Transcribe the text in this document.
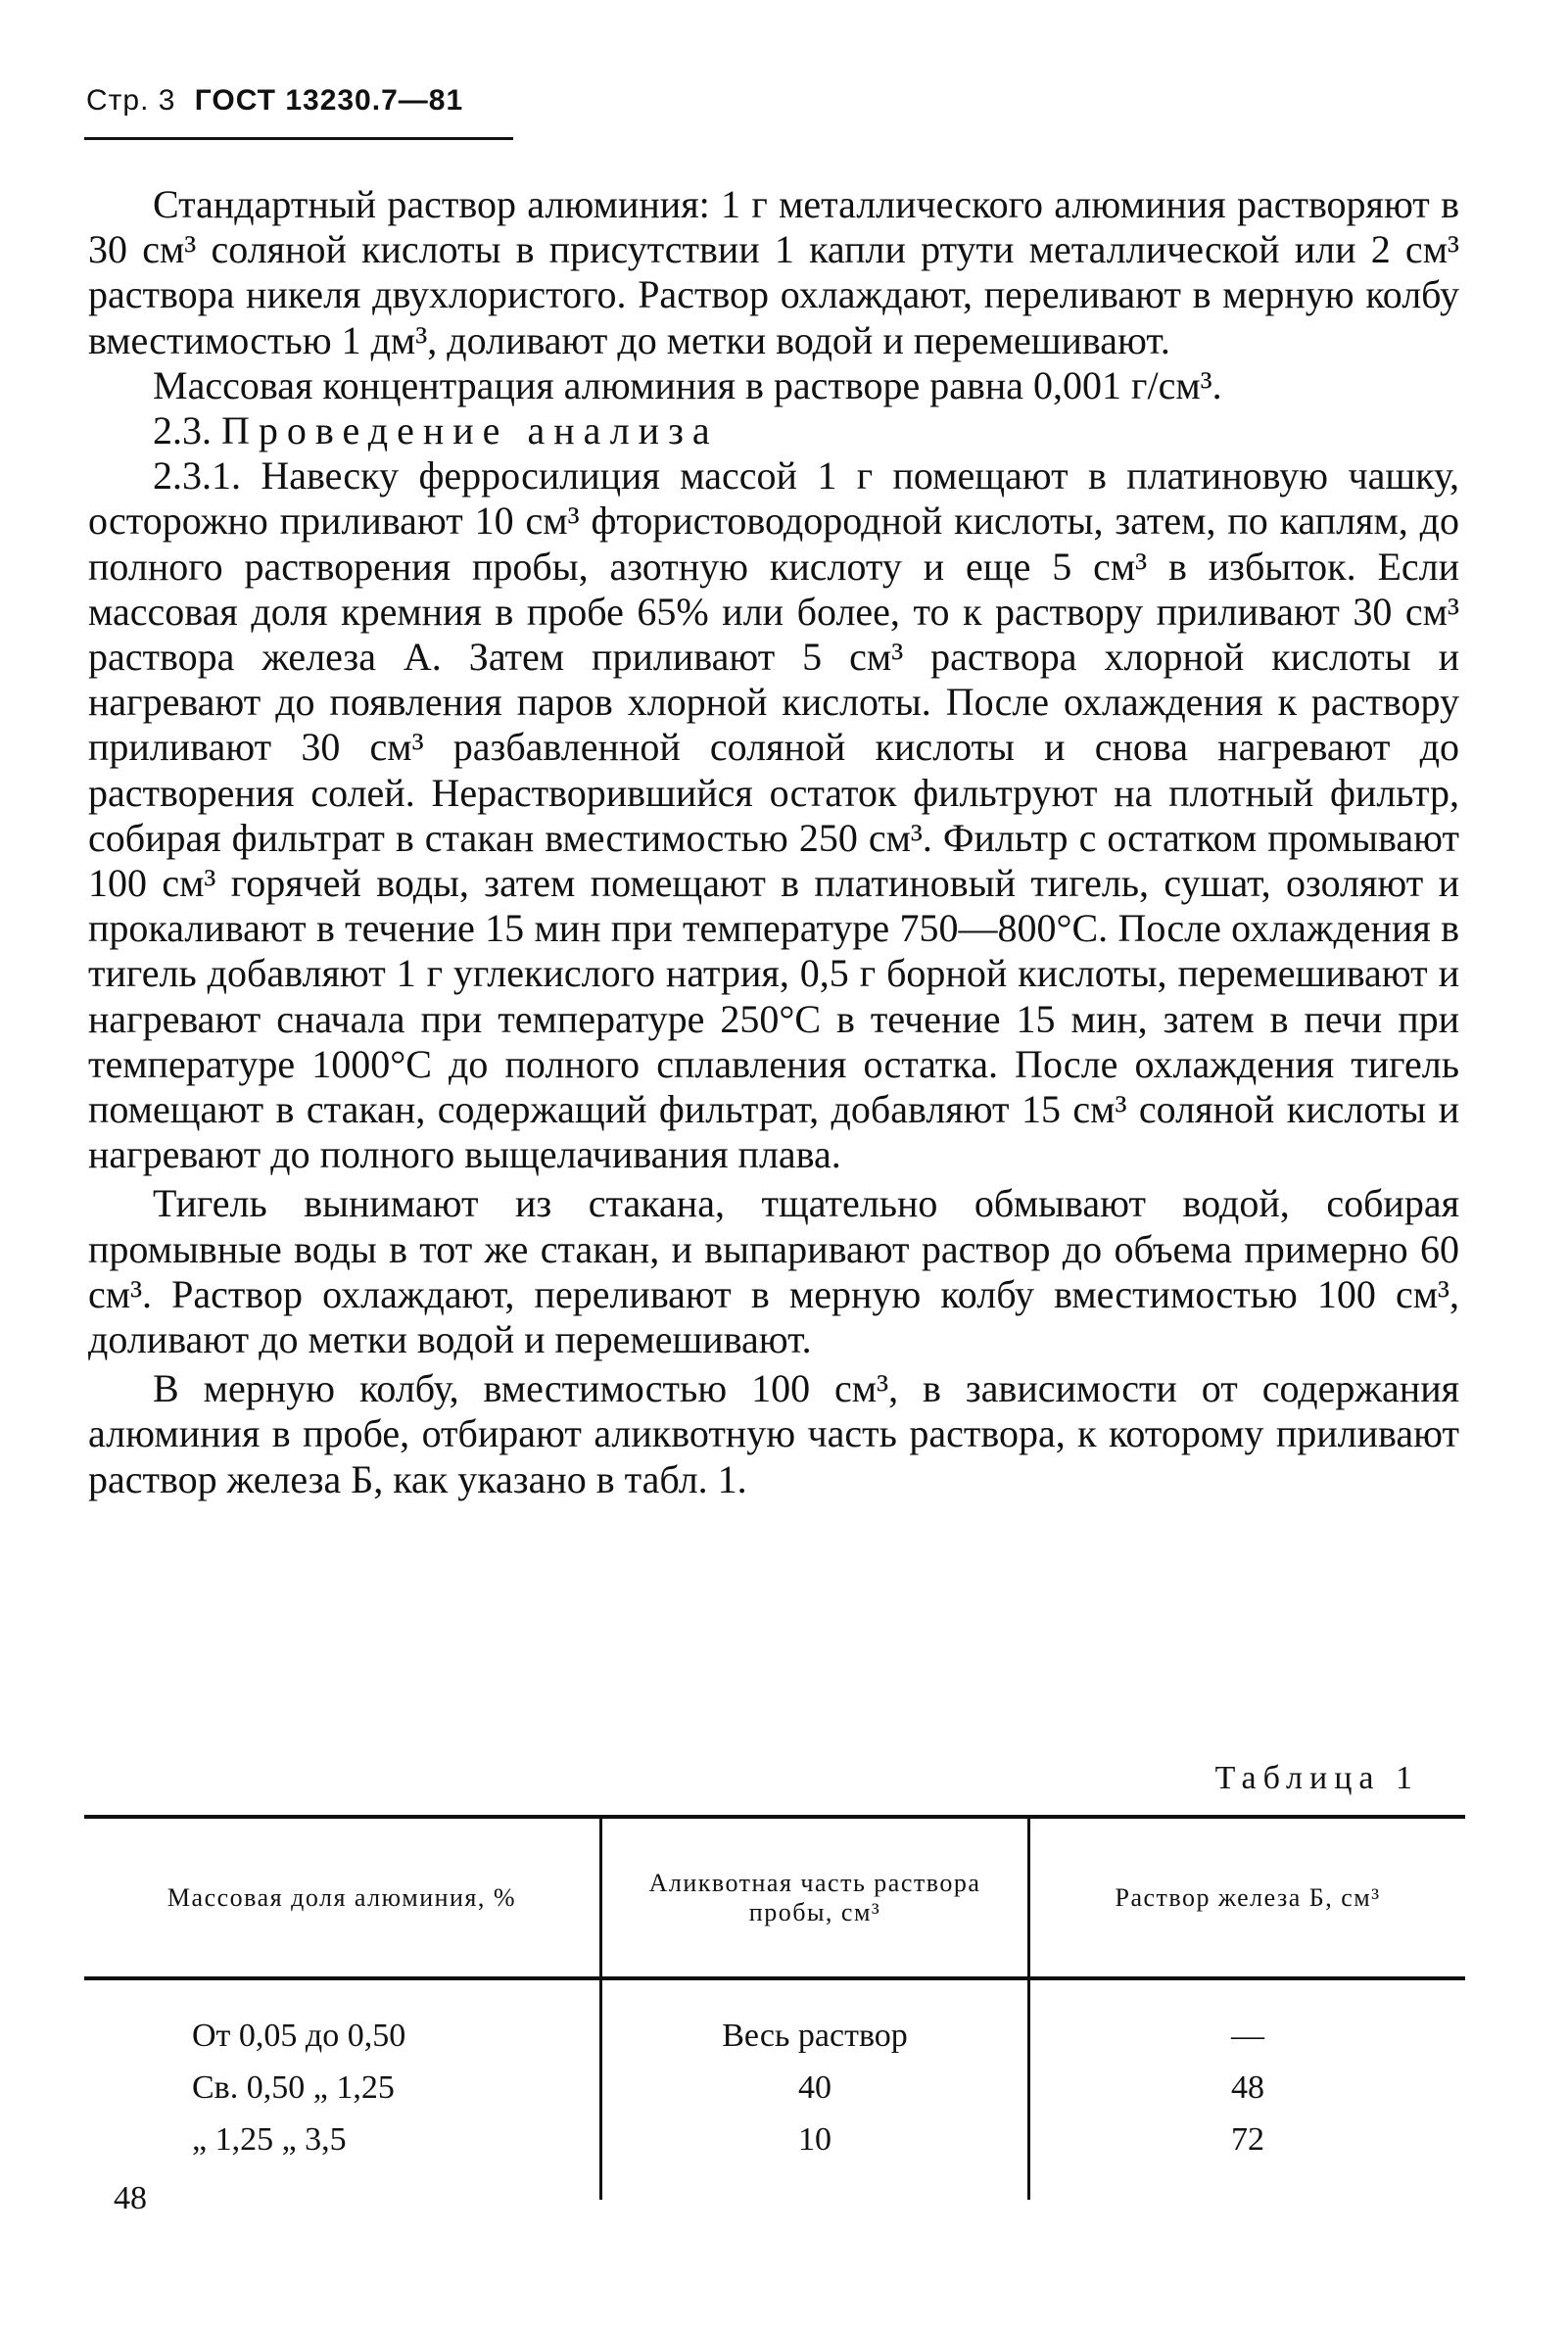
Стр. 3 ГОСТ 13230.7—81

Стандартный раствор алюминия: 1 г металлического алюминия растворяют в 30 см³ соляной кислоты в присутствии 1 капли ртути металлической или 2 см³ раствора никеля двухлористого. Раствор охлаждают, переливают в мерную колбу вместимостью 1 дм³, доливают до метки водой и перемешивают.

Массовая концентрация алюминия в растворе равна 0,001 г/см³.

2.3. Проведение анализа

2.3.1. Навеску ферросилиция массой 1 г помещают в платиновую чашку, осторожно приливают 10 см³ фтористоводородной кислоты, затем, по каплям, до полного растворения пробы, азотную кислоту и еще 5 см³ в избыток. Если массовая доля кремния в пробе 65% или более, то к раствору приливают 30 см³ раствора железа А. Затем приливают 5 см³ раствора хлорной кислоты и нагревают до появления паров хлорной кислоты. После охлаждения к раствору приливают 30 см³ разбавленной соляной кислоты и снова нагревают до растворения солей. Нерастворившийся остаток фильтруют на плотный фильтр, собирая фильтрат в стакан вместимостью 250 см³. Фильтр с остатком промывают 100 см³ горячей воды, затем помещают в платиновый тигель, сушат, озоляют и прокаливают в течение 15 мин при температуре 750—800°С. После охлаждения в тигель добавляют 1 г углекислого натрия, 0,5 г борной кислоты, перемешивают и нагревают сначала при температуре 250°С в течение 15 мин, затем в печи при температуре 1000°С до полного сплавления остатка. После охлаждения тигель помещают в стакан, содержащий фильтрат, добавляют 15 см³ соляной кислоты и нагревают до полного выщелачивания плава.

Тигель вынимают из стакана, тщательно обмывают водой, собирая промывные воды в тот же стакан, и выпаривают раствор до объема примерно 60 см³. Раствор охлаждают, переливают в мерную колбу вместимостью 100 см³, доливают до метки водой и перемешивают.

В мерную колбу, вместимостью 100 см³, в зависимости от содержания алюминия в пробе, отбирают аликвотную часть раствора, к которому приливают раствор железа Б, как указано в табл. 1.

Таблица 1
Массовая доля алюминия, %
Аликвотная часть раствора пробы, см³
Раствор железа Б, см³
От 0,05 до 0,50
Св. 0,50 „ 1,25
„ 1,25 „ 3,5
Весь раствор
40
10
—
48
72
48
